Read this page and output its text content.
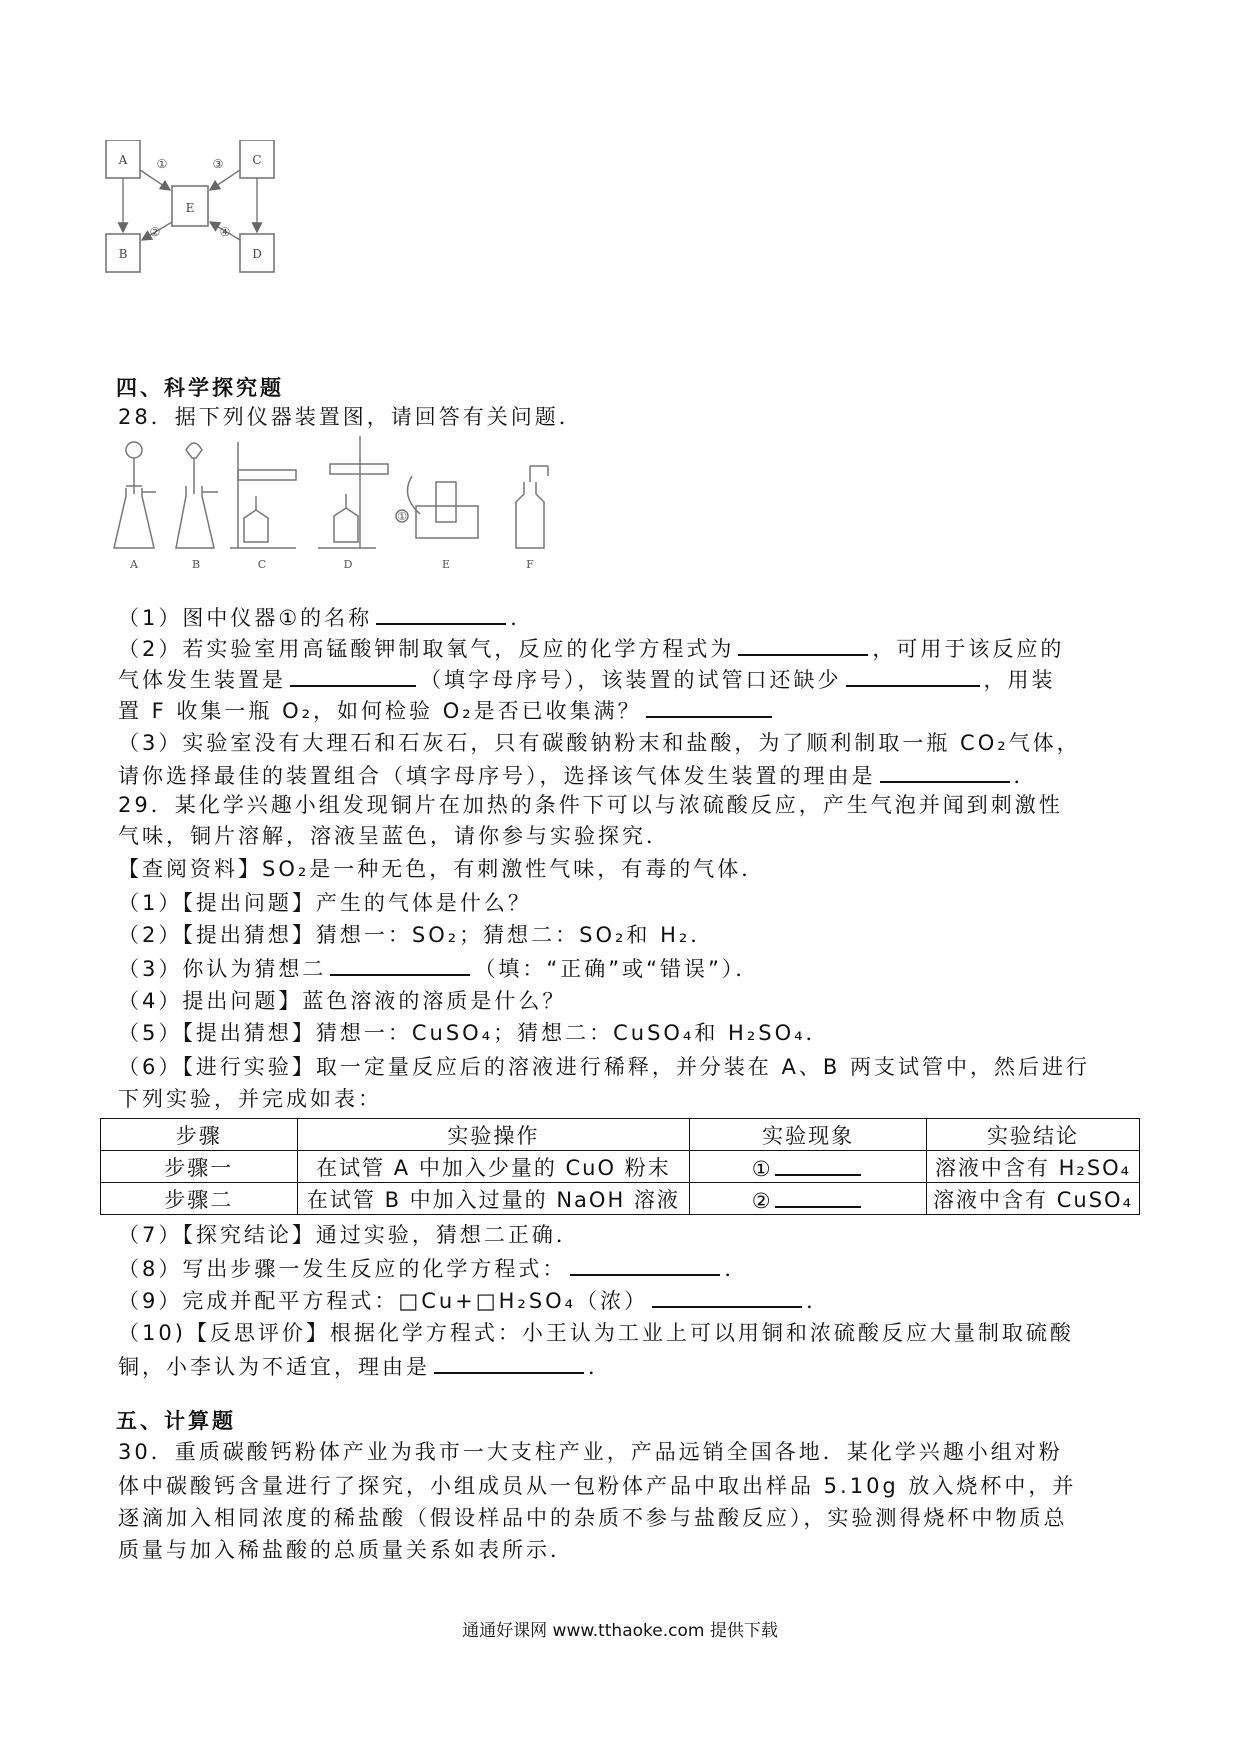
A
B
C
D
E
①
②
③
④
四、科学探究题
28．据下列仪器装置图，请回答有关问题．
A	B	C	D	E	F
①
（1）图中仪器①的名称	．
（2）若实验室用高锰酸钾制取氧气，反应的化学方程式为	，可用于该反应的
气体发生装置是	（填字母序号），该装置的试管口还缺少	，用装
置 F 收集一瓶 O₂，如何检验 O₂是否已收集满？
（3）实验室没有大理石和石灰石，只有碳酸钠粉末和盐酸，为了顺利制取一瓶 CO₂气体，
请你选择最佳的装置组合（填字母序号），选择该气体发生装置的理由是	．
29．某化学兴趣小组发现铜片在加热的条件下可以与浓硫酸反应，产生气泡并闻到刺激性
气味，铜片溶解，溶液呈蓝色，请你参与实验探究．
【查阅资料】SO₂是一种无色，有刺激性气味，有毒的气体．
（1）【提出问题】产生的气体是什么？
（2）【提出猜想】猜想一：SO₂；猜想二：SO₂和 H₂．
（3）你认为猜想二	（填：“正确”或“错误”）．
（4）提出问题】蓝色溶液的溶质是什么？
（5）【提出猜想】猜想一：CuSO₄；猜想二：CuSO₄和 H₂SO₄．
（6）【进行实验】取一定量反应后的溶液进行稀释，并分装在 A、B 两支试管中，然后进行
下列实验，并完成如表：
步骤	实验操作	实验现象	实验结论
步骤一	在试管 A 中加入少量的 CuO 粉末	①	溶液中含有 H₂SO₄
步骤二	在试管 B 中加入过量的 NaOH 溶液	②	溶液中含有 CuSO₄
（7）【探究结论】通过实验，猜想二正确．
（8）写出步骤一发生反应的化学方程式：	．
（9）完成并配平方程式：□Cu+□H₂SO₄（浓）	．
（10)【反思评价】根据化学方程式：小王认为工业上可以用铜和浓硫酸反应大量制取硫酸
铜，小李认为不适宜，理由是	．
五、计算题
30．重质碳酸钙粉体产业为我市一大支柱产业，产品远销全国各地．某化学兴趣小组对粉
体中碳酸钙含量进行了探究，小组成员从一包粉体产品中取出样品 5.10g 放入烧杯中，并
逐滴加入相同浓度的稀盐酸（假设样品中的杂质不参与盐酸反应），实验测得烧杯中物质总
质量与加入稀盐酸的总质量关系如表所示．
通通好课网 www.tthaoke.com 提供下载
